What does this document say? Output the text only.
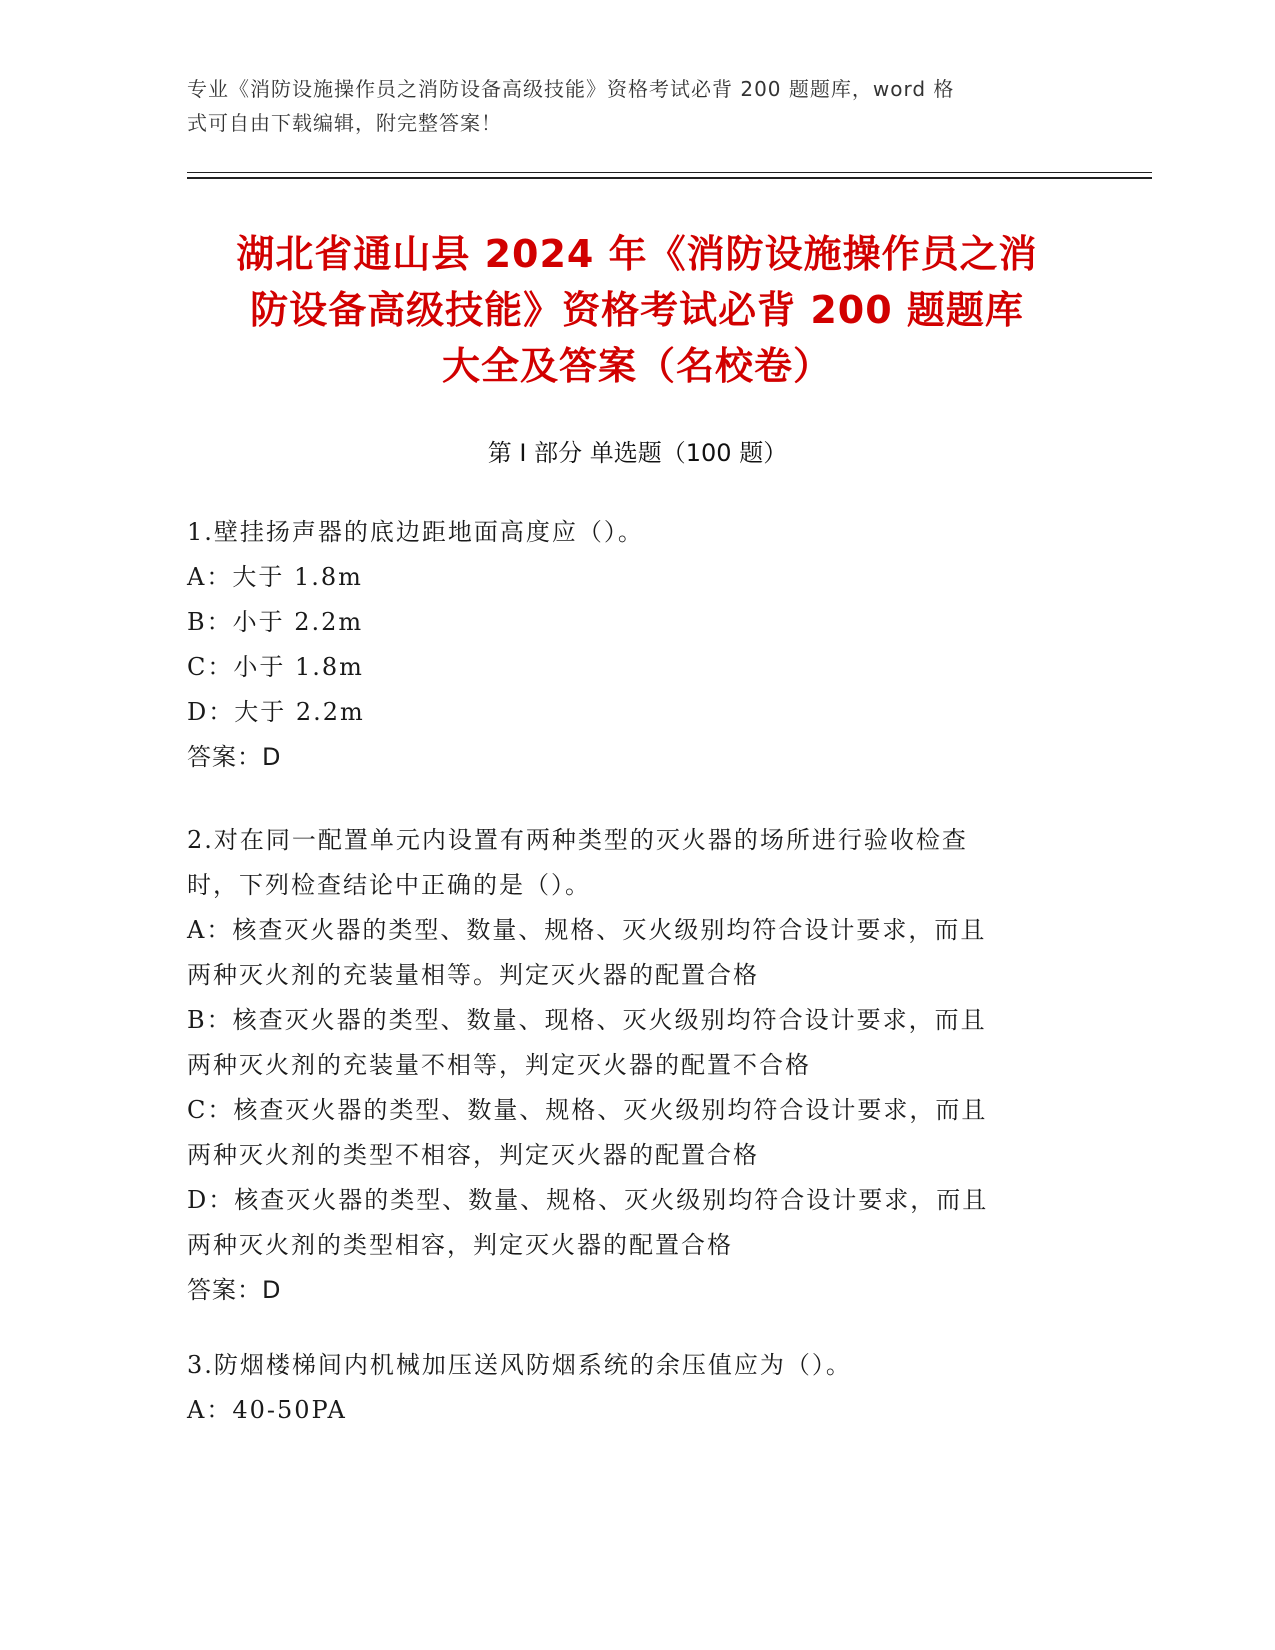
专业《消防设施操作员之消防设备高级技能》资格考试必背 200 题题库，word 格
式可自由下载编辑，附完整答案！
湖北省通山县 2024 年《消防设施操作员之消
防设备高级技能》资格考试必背 200 题题库
大全及答案（名校卷）
第 I 部分 单选题（100 题）
1.壁挂扬声器的底边距地面高度应（）。
A：大于 1.8m
B：小于 2.2m
C：小于 1.8m
D：大于 2.2m
答案：D
2.对在同一配置单元内设置有两种类型的灭火器的场所进行验收检查
时，下列检查结论中正确的是（）。
A：核查灭火器的类型、数量、规格、灭火级别均符合设计要求，而且
两种灭火剂的充装量相等。判定灭火器的配置合格
B：核查灭火器的类型、数量、现格、灭火级别均符合设计要求，而且
两种灭火剂的充装量不相等，判定灭火器的配置不合格
C：核查灭火器的类型、数量、规格、灭火级别均符合设计要求，而且
两种灭火剂的类型不相容，判定灭火器的配置合格
D：核查灭火器的类型、数量、规格、灭火级别均符合设计要求，而且
两种灭火剂的类型相容，判定灭火器的配置合格
答案：D
3.防烟楼梯间内机械加压送风防烟系统的余压值应为（）。
A：40-50PA
